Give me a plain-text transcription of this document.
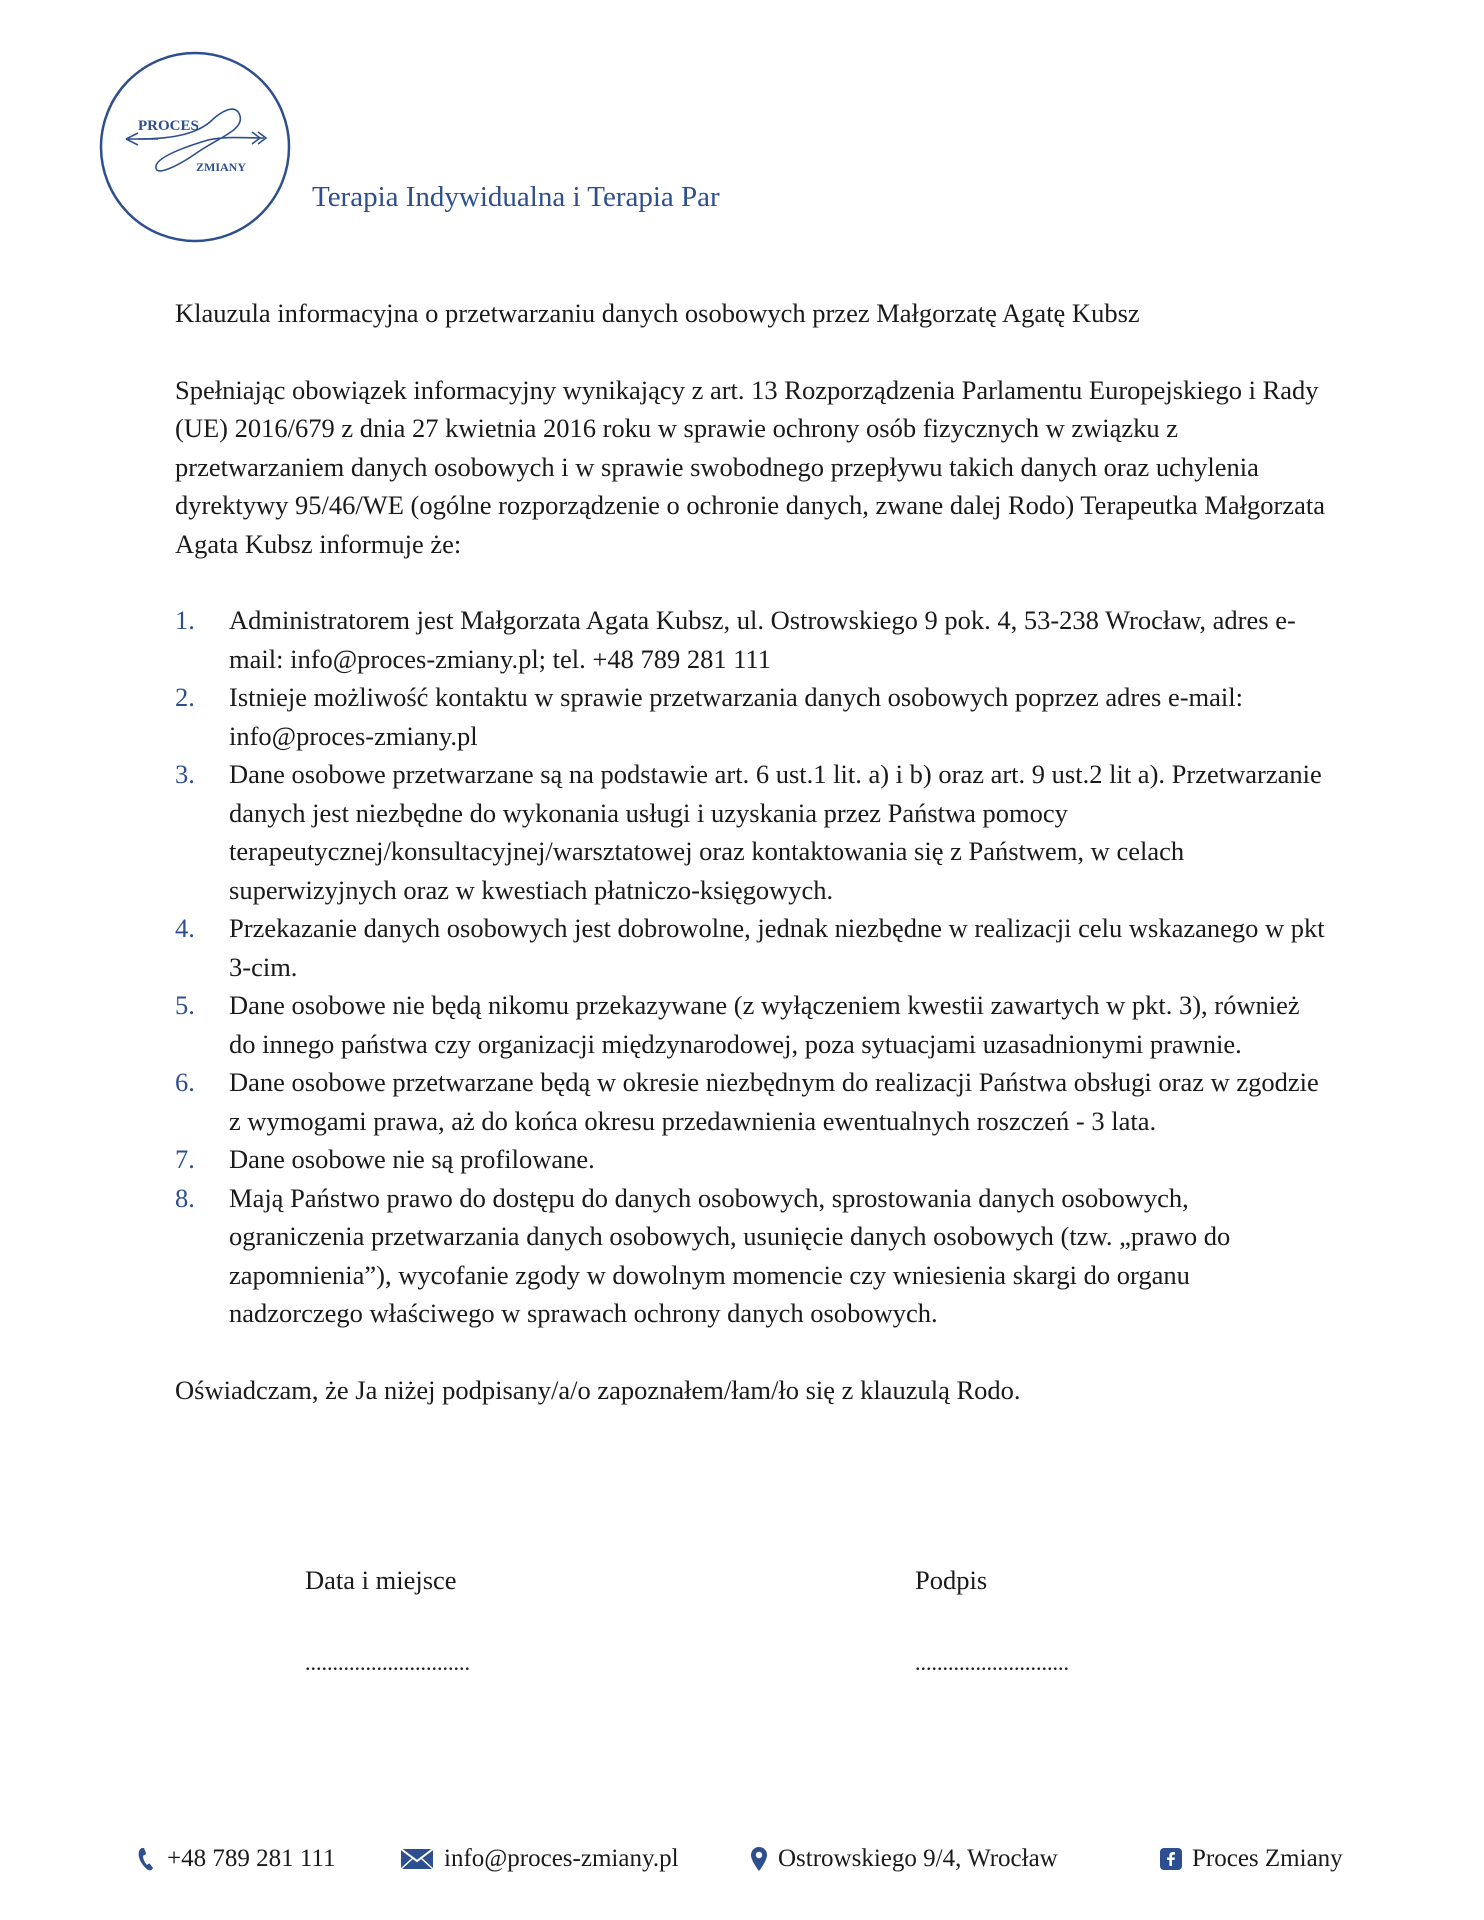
PROCES
ZMIANY
Terapia Indywidualna i Terapia Par

Klauzula informacyjna o przetwarzaniu danych osobowych przez Małgorzatę Agatę Kubsz

Spełniając obowiązek informacyjny wynikający z art. 13 Rozporządzenia Parlamentu Europejskiego i Rady (UE) 2016/679 z dnia 27 kwietnia 2016 roku w sprawie ochrony osób fizycznych w związku z przetwarzaniem danych osobowych i w sprawie swobodnego przepływu takich danych oraz uchylenia dyrektywy 95/46/WE (ogólne rozporządzenie o ochronie danych, zwane dalej Rodo) Terapeutka Małgorzata Agata Kubsz informuje że:

1.	Administratorem jest Małgorzata Agata Kubsz, ul. Ostrowskiego 9 pok. 4, 53-238 Wrocław, adres e-mail: info@proces-zmiany.pl; tel. +48 789 281 111
2.	Istnieje możliwość kontaktu w sprawie przetwarzania danych osobowych poprzez adres e-mail: info@proces-zmiany.pl
3.	Dane osobowe przetwarzane są na podstawie art. 6 ust.1 lit. a) i b) oraz art. 9 ust.2 lit a). Przetwarzanie danych jest niezbędne do wykonania usługi i uzyskania przez Państwa pomocy terapeutycznej/konsultacyjnej/warsztatowej oraz kontaktowania się z Państwem, w celach superwizyjnych oraz w kwestiach płatniczo-księgowych.
4.	Przekazanie danych osobowych jest dobrowolne, jednak niezbędne w realizacji celu wskazanego w pkt 3-cim.
5.	Dane osobowe nie będą nikomu przekazywane (z wyłączeniem kwestii zawartych w pkt. 3), również do innego państwa czy organizacji międzynarodowej, poza sytuacjami uzasadnionymi prawnie.
6.	Dane osobowe przetwarzane będą w okresie niezbędnym do realizacji Państwa obsługi oraz w zgodzie z wymogami prawa, aż do końca okresu przedawnienia ewentualnych roszczeń - 3 lata.
7.	Dane osobowe nie są profilowane.
8.	Mają Państwo prawo do dostępu do danych osobowych, sprostowania danych osobowych, ograniczenia przetwarzania danych osobowych, usunięcie danych osobowych (tzw. „prawo do zapomnienia”), wycofanie zgody w dowolnym momencie czy wniesienia skargi do organu nadzorczego właściwego w sprawach ochrony danych osobowych.

Oświadczam, że Ja niżej podpisany/a/o zapoznałem/łam/ło się z klauzulą Rodo.

Data i miejsce
..............................
Podpis
............................
+48 789 281 111	info@proces-zmiany.pl	Ostrowskiego 9/4, Wrocław	Proces Zmiany
